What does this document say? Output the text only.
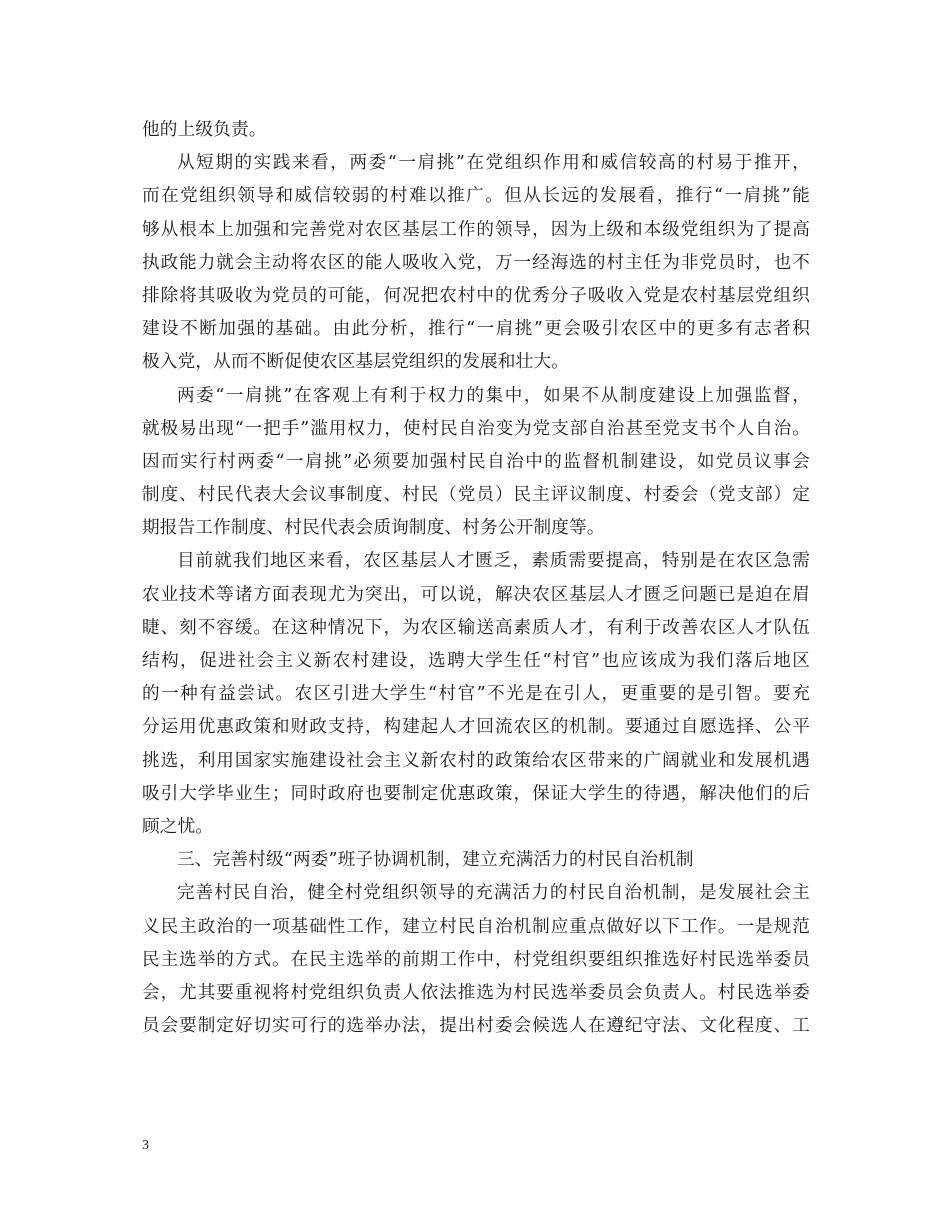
他的上级负责。
从短期的实践来看，两委“一肩挑”在党组织作用和威信较高的村易于推开，
而在党组织领导和威信较弱的村难以推广。但从长远的发展看，推行“一肩挑”能
够从根本上加强和完善党对农区基层工作的领导，因为上级和本级党组织为了提高
执政能力就会主动将农区的能人吸收入党，万一经海选的村主任为非党员时，也不
排除将其吸收为党员的可能，何况把农村中的优秀分子吸收入党是农村基层党组织
建设不断加强的基础。由此分析，推行“一肩挑”更会吸引农区中的更多有志者积
极入党，从而不断促使农区基层党组织的发展和壮大。
两委“一肩挑”在客观上有利于权力的集中，如果不从制度建设上加强监督，
就极易出现“一把手”滥用权力，使村民自治变为党支部自治甚至党支书个人自治。
因而实行村两委“一肩挑”必须要加强村民自治中的监督机制建设，如党员议事会
制度、村民代表大会议事制度、村民（党员）民主评议制度、村委会（党支部）定
期报告工作制度、村民代表会质询制度、村务公开制度等。
目前就我们地区来看，农区基层人才匮乏，素质需要提高，特别是在农区急需
农业技术等诸方面表现尤为突出，可以说，解决农区基层人才匮乏问题已是迫在眉
睫、刻不容缓。在这种情况下，为农区输送高素质人才，有利于改善农区人才队伍
结构，促进社会主义新农村建设，选聘大学生任“村官”也应该成为我们落后地区
的一种有益尝试。农区引进大学生“村官”不光是在引人，更重要的是引智。要充
分运用优惠政策和财政支持，构建起人才回流农区的机制。要通过自愿选择、公平
挑选，利用国家实施建设社会主义新农村的政策给农区带来的广阔就业和发展机遇
吸引大学毕业生；同时政府也要制定优惠政策，保证大学生的待遇，解决他们的后
顾之忧。
三、完善村级“两委”班子协调机制，建立充满活力的村民自治机制
完善村民自治，健全村党组织领导的充满活力的村民自治机制，是发展社会主
义民主政治的一项基础性工作，建立村民自治机制应重点做好以下工作。一是规范
民主选举的方式。在民主选举的前期工作中，村党组织要组织推选好村民选举委员
会，尤其要重视将村党组织负责人依法推选为村民选举委员会负责人。村民选举委
员会要制定好切实可行的选举办法，提出村委会候选人在遵纪守法、文化程度、工
3
